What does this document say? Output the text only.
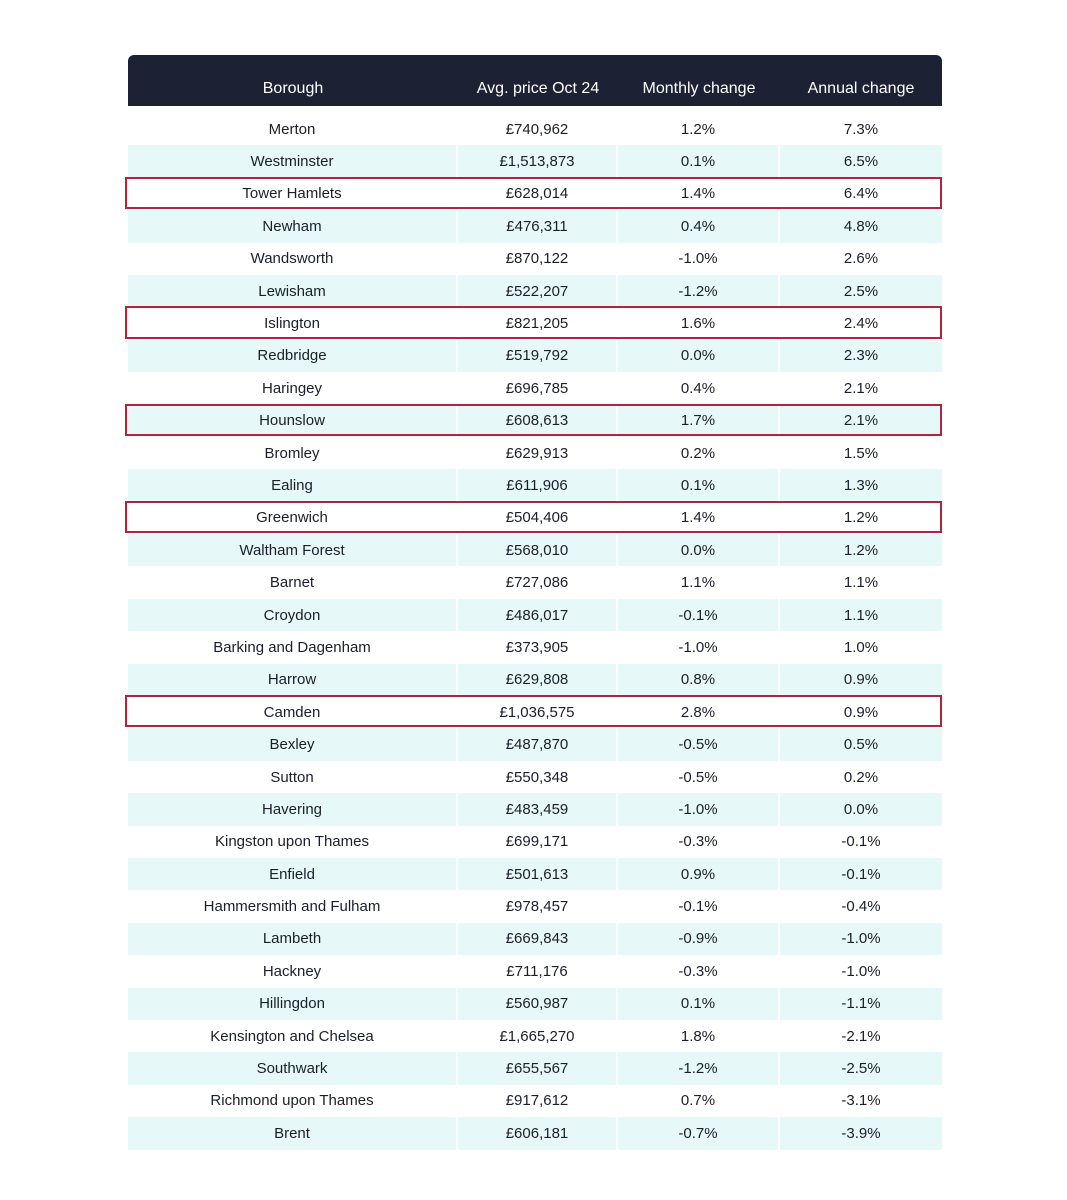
Borough	Avg. price Oct 24	Monthly change	Annual change
Merton	£740,962	1.2%	7.3%
Westminster	£1,513,873	0.1%	6.5%
Tower Hamlets	£628,014	1.4%	6.4%
Newham	£476,311	0.4%	4.8%
Wandsworth	£870,122	-1.0%	2.6%
Lewisham	£522,207	-1.2%	2.5%
Islington	£821,205	1.6%	2.4%
Redbridge	£519,792	0.0%	2.3%
Haringey	£696,785	0.4%	2.1%
Hounslow	£608,613	1.7%	2.1%
Bromley	£629,913	0.2%	1.5%
Ealing	£611,906	0.1%	1.3%
Greenwich	£504,406	1.4%	1.2%
Waltham Forest	£568,010	0.0%	1.2%
Barnet	£727,086	1.1%	1.1%
Croydon	£486,017	-0.1%	1.1%
Barking and Dagenham	£373,905	-1.0%	1.0%
Harrow	£629,808	0.8%	0.9%
Camden	£1,036,575	2.8%	0.9%
Bexley	£487,870	-0.5%	0.5%
Sutton	£550,348	-0.5%	0.2%
Havering	£483,459	-1.0%	0.0%
Kingston upon Thames	£699,171	-0.3%	-0.1%
Enfield	£501,613	0.9%	-0.1%
Hammersmith and Fulham	£978,457	-0.1%	-0.4%
Lambeth	£669,843	-0.9%	-1.0%
Hackney	£711,176	-0.3%	-1.0%
Hillingdon	£560,987	0.1%	-1.1%
Kensington and Chelsea	£1,665,270	1.8%	-2.1%
Southwark	£655,567	-1.2%	-2.5%
Richmond upon Thames	£917,612	0.7%	-3.1%
Brent	£606,181	-0.7%	-3.9%
